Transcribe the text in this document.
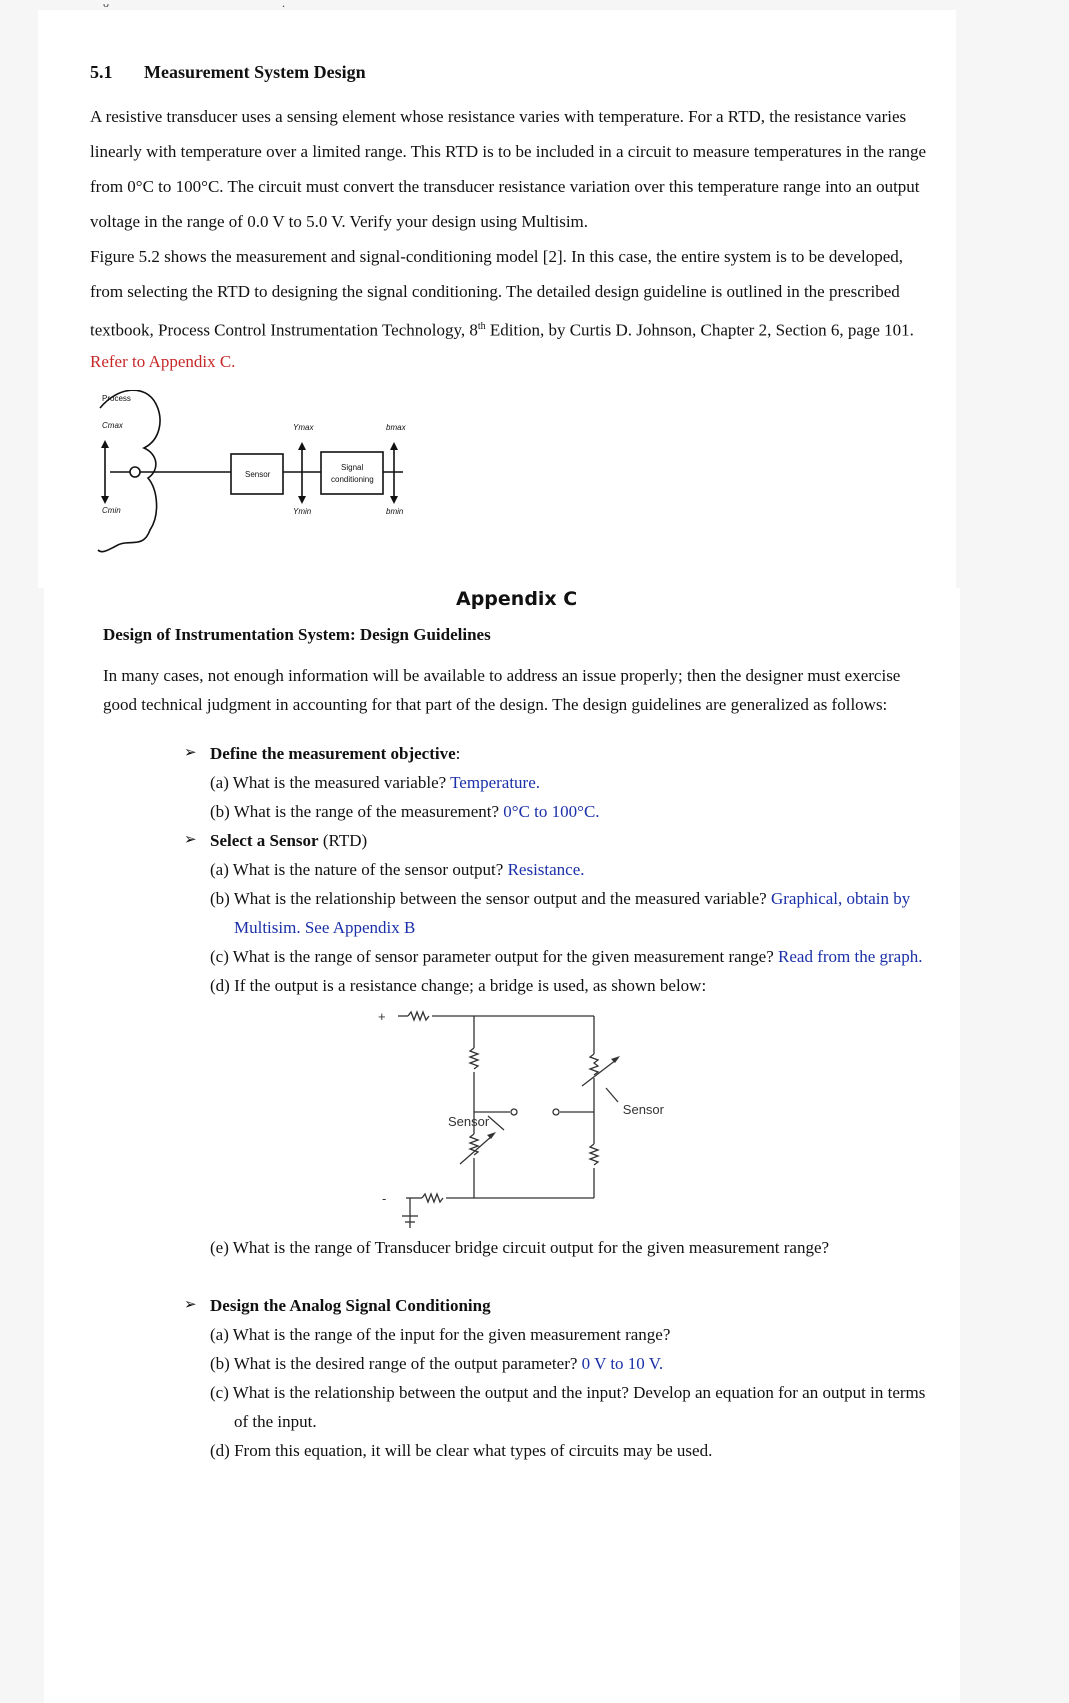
ᴗ	.
5.1 Measurement System Design
A resistive transducer uses a sensing element whose resistance varies with temperature. For a RTD, the resistance varies
linearly with temperature over a limited range. This RTD is to be included in a circuit to measure temperatures in the range
from 0°C to 100°C. The circuit must convert the transducer resistance variation over this temperature range into an output
voltage in the range of 0.0 V to 5.0 V. Verify your design using Multisim.
Figure 5.2 shows the measurement and signal-conditioning model [2]. In this case, the entire system is to be developed,
from selecting the RTD to designing the signal conditioning. The detailed design guideline is outlined in the prescribed
textbook, Process Control Instrumentation Technology, 8th Edition, by Curtis D. Johnson, Chapter 2, Section 6, page 101.
Refer to Appendix C.
Process
Cmax
Cmin
Sensor
Ymax
Ymin
Signal
conditioning
bmax
bmin
Appendix C
Design of Instrumentation System: Design Guidelines
In many cases, not enough information will be available to address an issue properly; then the designer must exercise
good technical judgment in accounting for that part of the design. The design guidelines are generalized as follows:
➢ Define the measurement objective:
(a) What is the measured variable? Temperature.
(b) What is the range of the measurement? 0°C to 100°C.
➢ Select a Sensor (RTD)
(a) What is the nature of the sensor output? Resistance.
(b) What is the relationship between the sensor output and the measured variable? Graphical, obtain by
Multisim. See Appendix B
(c) What is the range of sensor parameter output for the given measurement range? Read from the graph.
(d) If the output is a resistance change; a bridge is used, as shown below:
+
-
Sensor
Sensor
(e) What is the range of Transducer bridge circuit output for the given measurement range?
➢ Design the Analog Signal Conditioning
(a) What is the range of the input for the given measurement range?
(b) What is the desired range of the output parameter? 0 V to 10 V.
(c) What is the relationship between the output and the input? Develop an equation for an output in terms
of the input.
(d) From this equation, it will be clear what types of circuits may be used.
